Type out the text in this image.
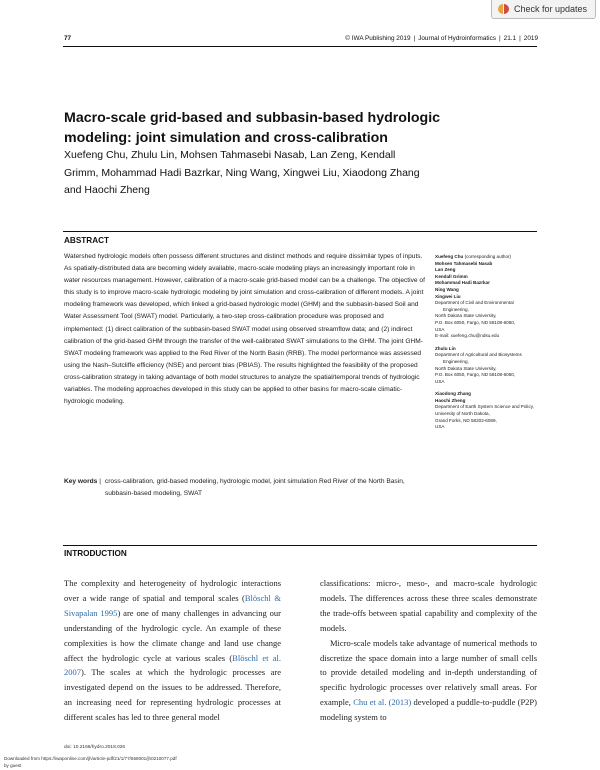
Check for updates
77	© IWA Publishing 2019 | Journal of Hydroinformatics | 21.1 | 2019
Macro-scale grid-based and subbasin-based hydrologic modeling: joint simulation and cross-calibration
Xuefeng Chu, Zhulu Lin, Mohsen Tahmasebi Nasab, Lan Zeng, Kendall Grimm, Mohammad Hadi Bazrkar, Ning Wang, Xingwei Liu, Xiaodong Zhang and Haochi Zheng
ABSTRACT
Watershed hydrologic models often possess different structures and distinct methods and require dissimilar types of inputs. As spatially-distributed data are becoming widely available, macro-scale modeling plays an increasingly important role in water resources management. However, calibration of a macro-scale grid-based model can be a challenge. The objective of this study is to improve macro-scale hydrologic modeling by joint simulation and cross-calibration of different models. A joint modeling framework was developed, which linked a grid-based hydrologic model (GHM) and the subbasin-based Soil and Water Assessment Tool (SWAT) model. Particularly, a two-step cross-calibration procedure was proposed and implemented: (1) direct calibration of the subbasin-based SWAT model using observed streamflow data; and (2) indirect calibration of the grid-based GHM through the transfer of the well-calibrated SWAT simulations to the GHM. The joint GHM-SWAT modeling framework was applied to the Red River of the North Basin (RRB). The model performance was assessed using the Nash–Sutcliffe efficiency (NSE) and percent bias (PBIAS). The results highlighted the feasibility of the proposed cross-calibration strategy in taking advantage of both model structures to analyze the spatial/temporal trends of hydrologic variables. The modeling approaches developed in this study can be applied to other basins for macro-scale climatic-hydrologic modeling.
Key words | cross-calibration, grid-based modeling, hydrologic model, joint simulation Red River of the North Basin, subbasin-based modeling, SWAT
Xuefeng Chu (corresponding author)
Mohsen Tahmasebi Nasab
Lan Zeng
Kendall Grimm
Mohammad Hadi Bazrkar
Ning Wang
Xingwei Liu
Department of Civil and Environmental
Engineering,
North Dakota State University,
P.O. Box 6050, Fargo, ND 58108-6050,
USA
E-mail: xuefeng.chu@ndsu.edu
Zhulu Lin
Department of Agricultural and Biosystems
Engineering,
North Dakota State University,
P.O. Box 6050, Fargo, ND 58108-6050,
USA
Xiaodong Zhang
Haochi Zheng
Department of Earth System Science and Policy,
University of North Dakota,
Grand Forks, ND 58202-6089,
USA
INTRODUCTION

The complexity and heterogeneity of hydrologic interactions over a wide range of spatial and temporal scales (Blöschl & Sivapalan 1995) are one of many challenges in advancing our understanding of the hydrologic cycle. An example of these complexities is how the climate change and land use change affect the hydrologic cycle at various scales (Blöschl et al. 2007). The scales at which the hydrologic processes are investigated depend on the issues to be addressed. Therefore, an increasing need for representing hydrologic processes at different scales has led to three general model

classifications: micro-, meso-, and macro-scale hydrologic models. The differences across these three scales demonstrate the trade-offs between spatial capability and complexity of the models.

Micro-scale models take advantage of numerical methods to discretize the space domain into a large number of small cells to provide detailed modeling and in-depth understanding of specific hydrologic processes over relatively small areas. For example, Chu et al. (2013) developed a puddle-to-puddle (P2P) modeling system to

doi: 10.2166/hydro.2018.026
Downloaded from https://iwaponline.com/jh/article-pdf/21/1/77/658001/jh0210077.pdf
by guest
